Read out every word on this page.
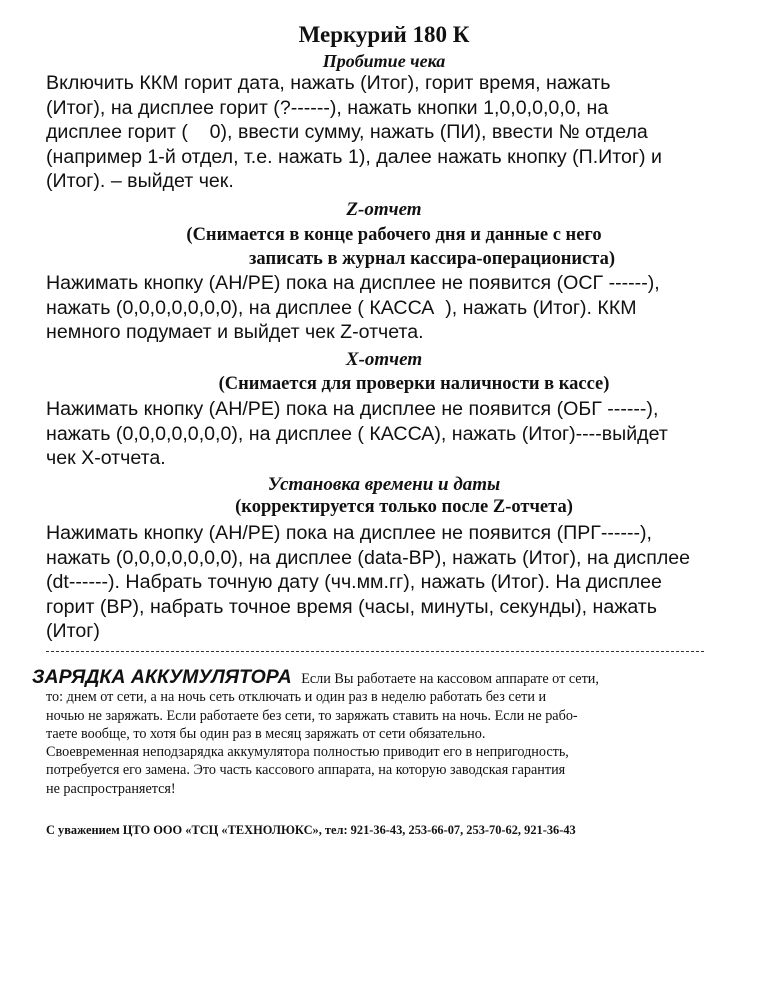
Меркурий 180 К
Пробитие чека
Включить ККМ горит дата, нажать (Итог), горит время, нажать
(Итог), на дисплее горит (?------), нажать кнопки 1,0,0,0,0,0, на
дисплее горит (    0), ввести сумму, нажать (ПИ), ввести № отдела
(например 1-й отдел, т.е. нажать 1), далее нажать кнопку (П.Итог) и
(Итог). – выйдет чек.
Z-отчет
(Снимается в конце рабочего дня и данные с него
записать в журнал кассира-операциониста)
Нажимать кнопку (АН/РЕ) пока на дисплее не появится (ОСГ ------),
нажать (0,0,0,0,0,0,0), на дисплее ( КАССА  ), нажать (Итог). ККМ
немного подумает и выйдет чек Z-отчета.
Х-отчет
(Снимается для проверки наличности в кассе)
Нажимать кнопку (АН/РЕ) пока на дисплее не появится (ОБГ ------),
нажать (0,0,0,0,0,0,0), на дисплее ( КАССА), нажать (Итог)----выйдет
чек Х-отчета.
Установка времени и даты
(корректируется только после Z-отчета)
Нажимать кнопку (АН/РЕ) пока на дисплее не появится (ПРГ------),
нажать (0,0,0,0,0,0,0), на дисплее (data-ВР), нажать (Итог), на дисплее
(dt------). Набрать точную дату (чч.мм.гг), нажать (Итог). На дисплее
горит (ВР), набрать точное время (часы, минуты, секунды), нажать
(Итог)
ЗАРЯДКА АККУМУЛЯТОРА Если Вы работаете на кассовом аппарате от сети,
то: днем от сети, а на ночь сеть отключать и один раз в неделю работать без сети и
ночью не заряжать. Если работаете без сети, то заряжать ставить на ночь. Если не рабо-
таете вообще, то хотя бы один раз в месяц заряжать от сети обязательно.
Своевременная неподзарядка аккумулятора полностью приводит его в непригодность,
потребуется его замена. Это часть кассового аппарата, на которую заводская гарантия
не распространяется!
С уважением ЦТО ООО «ТСЦ «ТЕХНОЛЮКС», тел: 921-36-43, 253-66-07, 253-70-62, 921-36-43
